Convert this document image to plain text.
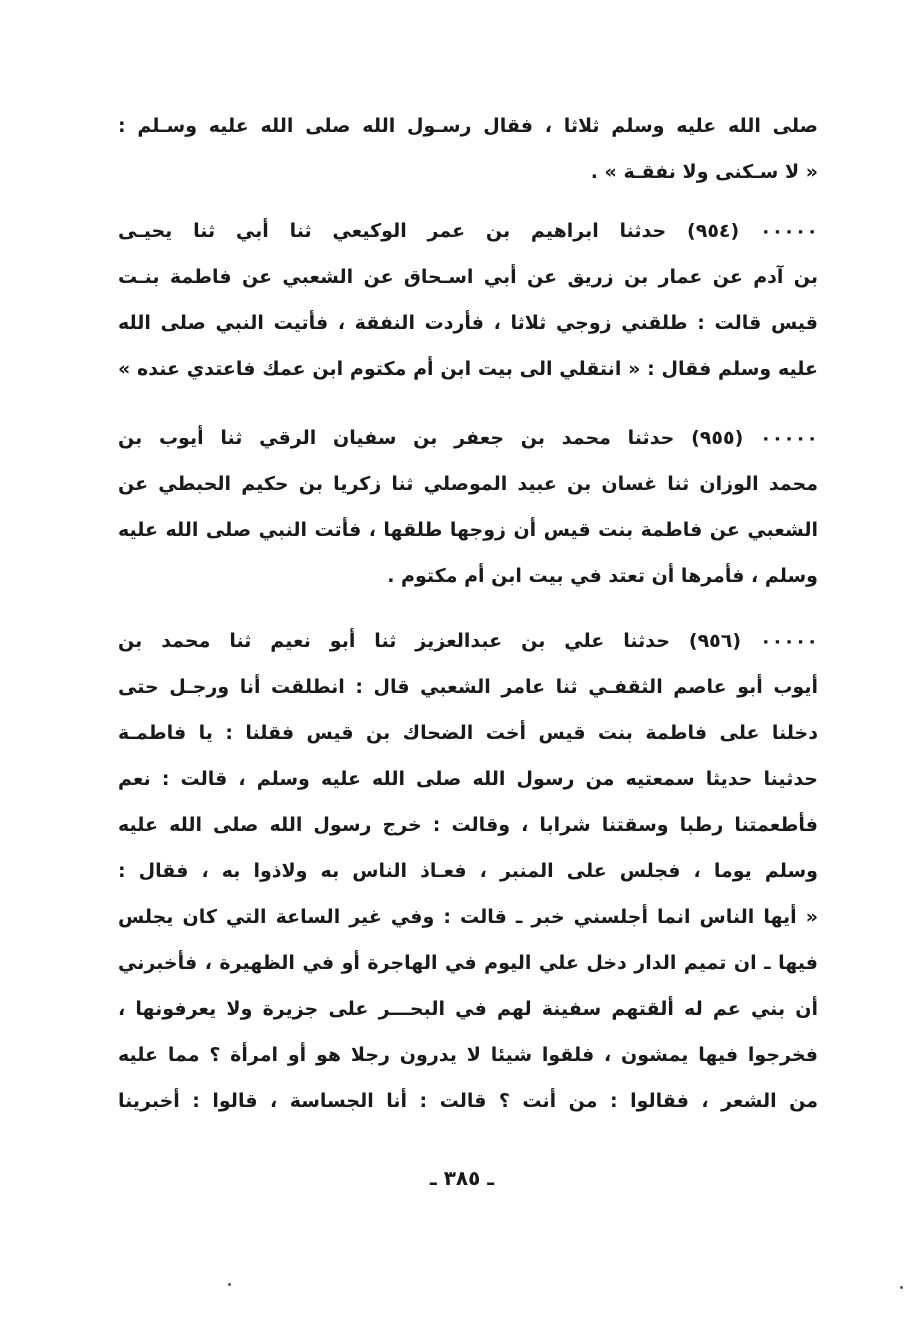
صلى الله عليه وسلم ثلاثا ، فقال رسـول الله صلى الله عليه وسـلم :
« لا سـكنى ولا نفقـة » .
٠٠٠٠٠ (٩٥٤) حدثنا ابراهيم بن عمر الوكيعي ثنا أبي ثنا يحيـى
بن آدم عن عمار بن زريق عن أبي اسـحاق عن الشعبي عن فاطمة بنـت
قيس قالت : طلقني زوجي ثلاثا ، فأردت النفقة ، فأتيت النبي صلى الله
عليه وسلم فقال : « انتقلي الى بيت ابن أم مكتوم ابن عمك فاعتدي عنده »
٠٠٠٠٠ (٩٥٥) حدثنا محمد بن جعفر بن سفيان الرقي ثنا أيوب بن
محمد الوزان ثنا غسان بن عبيد الموصلي ثنا زكريا بن حكيم الحبطي عن
الشعبي عن فاطمة بنت قيس أن زوجها طلقها ، فأتت النبي صلى الله عليه
وسلم ، فأمرها أن تعتد في بيت ابن أم مكتوم .
٠٠٠٠٠ (٩٥٦) حدثنا علي بن عبدالعزيز ثنا أبو نعيم ثنا محمد بن
أيوب أبو عاصم الثقفـي ثنا عامر الشعبي قال : انطلقت أنا ورجـل حتى
دخلنا على فاطمة بنت قيس أخت الضحاك بن قيس فقلنا : يا فاطمـة
حدثينا حديثا سمعتيه من رسول الله صلى الله عليه وسلم ، قالت : نعم
فأطعمتنا رطبا وسقتنا شرابا ، وقالت : خرج رسول الله صلى الله عليه
وسلم يوما ، فجلس على المنبر ، فعـاذ الناس به ولاذوا به ، فقال :
« أيها الناس انما أجلسني خبر ـ قالت : وفي غير الساعة التي كان يجلس
فيها ـ ان تميم الدار دخل علي اليوم في الهاجرة أو في الظهيرة ، فأخبرني
أن بني عم له ألقتهم سفينة لهم في البحـــر على جزيرة ولا يعرفونها ،
فخرجوا فيها يمشون ، فلقوا شيئا لا يدرون رجلا هو أو امرأة ؟ مما عليه
من الشعر ، فقالوا : من أنت ؟ قالت : أنا الجساسة ، قالوا : أخبرينا
ـ ٣٨٥ ـ
